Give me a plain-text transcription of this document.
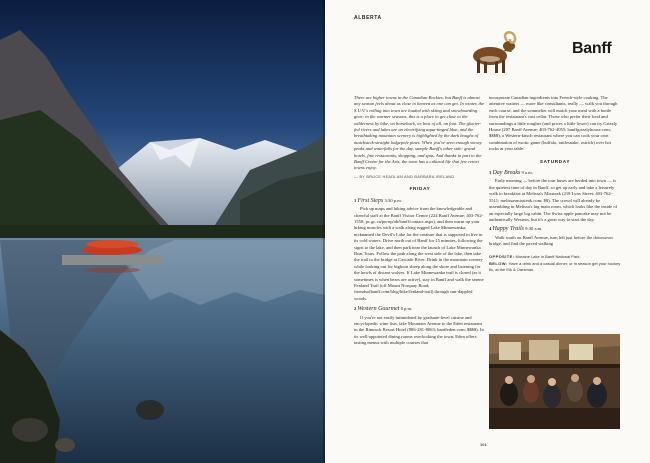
ALBERTA
Banff

There are higher towns in the Canadian Rockies, but Banff is almost any season feels about as close to heaven as one can get. In winter, the S.U.V.'s rolling into town are loaded with skiing and snowboarding gear; in the warmer seasons, this is a place to get close to the wilderness by bike, on horseback, or, best of all, on foot. The glacier-fed rivers and lakes are an electrifying aqua-tinged blue, and the breathtaking mountain scenery is highlighted by the dark boughs of matchstick-straight lodgepole pines. When you've seen enough snowy peaks and waterfalls for the day, sample Banff's other side: grand hotels, fine restaurants, shopping, and spas. And thanks in part to the Banff Centre for the Arts, the town has a cultural life that few resort towns enjoy.

— BY BRUCE HEADLAM AND BARBARA IRELAND
FRIDAY

1 First Steps 3:30 p.m.

Pick up maps and hiking advice from the knowledgeable and cheerful staff at the Banff Visitor Centre (224 Banff Avenue; 403-762-1550; pc.gc.ca/pn-np/ab/banff/contact.aspx), and then warm up your hiking muscles with a walk along rugged Lake Minnewanka, nicknamed the Devil's Lake for the creature that is supposed to live in its cold waters. Drive north out of Banff for 15 minutes, following the signs to the lake, and then park near the launch of Lake Minnewanka Boat Tours. Follow the path along the west side of the lake, then take the trail to the bridge at Cascade River. Drink in the mountain scenery while looking out for bighorn sheep along the shore and listening for the howls of distant wolves. If Lake Minnewanka trail is closed (as it sometimes is when bears are active), stay in Banff and walk the serene Fenland Trail (off Mount Norquay Road; friendsofbanff.com/blog/hike/fenland-trail) through sun-dappled woods.

2 Western Gourmet 8 p.m.

If you're not easily intimidated by graduate-level cuisine and encyclopedic wine lists, take Mountain Avenue to the Eden restaurant in the Rimrock Resort Hotel (886-281-8063; banffeden.com; $$$$). In its well-appointed dining rooms overlooking the town, Eden offers tasting menus with multiple courses that

incorporate Canadian ingredients into French-style cooking. The attentive waiters — more like consultants, really — walk you through each course, and the sommelier will match your meal with a bottle from the restaurant's vast cellar. Those who prefer their food and surroundings a little rougher (and prices a little lower) can try Grizzly House (207 Banff Avenue; 403-762-4055; banffgrizzlyhouse.com; $$$$), a Western-kitsch restaurant where you can cook your own combination of exotic game (buffalo, rattlesnake, ostrich) over hot rocks at your table.

SATURDAY

3 Day Breaks 9 a.m.

Early morning — before the tour buses are herded into town — is the quietest time of day in Banff, so get up early and take a leisurely walk to breakfast at Melissa's Missteak (218 Lynx Street; 403-762-5511; melissasmissteak.com; $$). The crowd will already be assembling in Melissa's big main room, which looks like the inside of an especially large log cabin. The Swiss apple pancake may not be authentically Western, but it's a great way to start the day.

4 Happy Trails 9:30 a.m.

Walk south on Banff Avenue, turn left just before the downtown bridge, and find the paved walking

OPPOSITE: Moraine Lake in Banff National Park.

BELOW: Have a drink and a casual dinner, or in season get your hockey fix, at the Elk & Oarsman.

101
